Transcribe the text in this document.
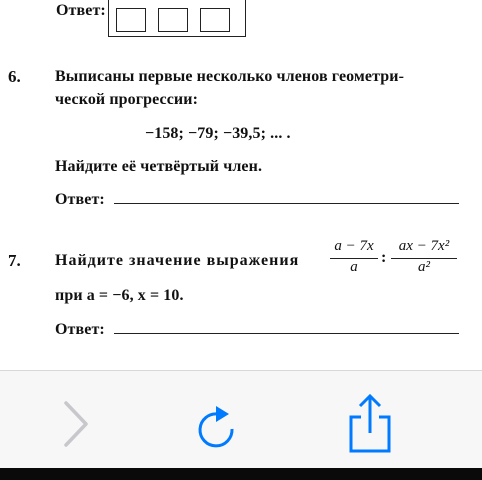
Ответ:
6. Выписаны первые несколько членов геометри-
ческой прогрессии:
−158; −79; −39,5; ... .
Найдите её четвёртый член.
Ответ:
7. Найдите значение выражения
a − 7x
a
:
ax − 7x²
a²
при a = −6, x = 10.
Ответ:
